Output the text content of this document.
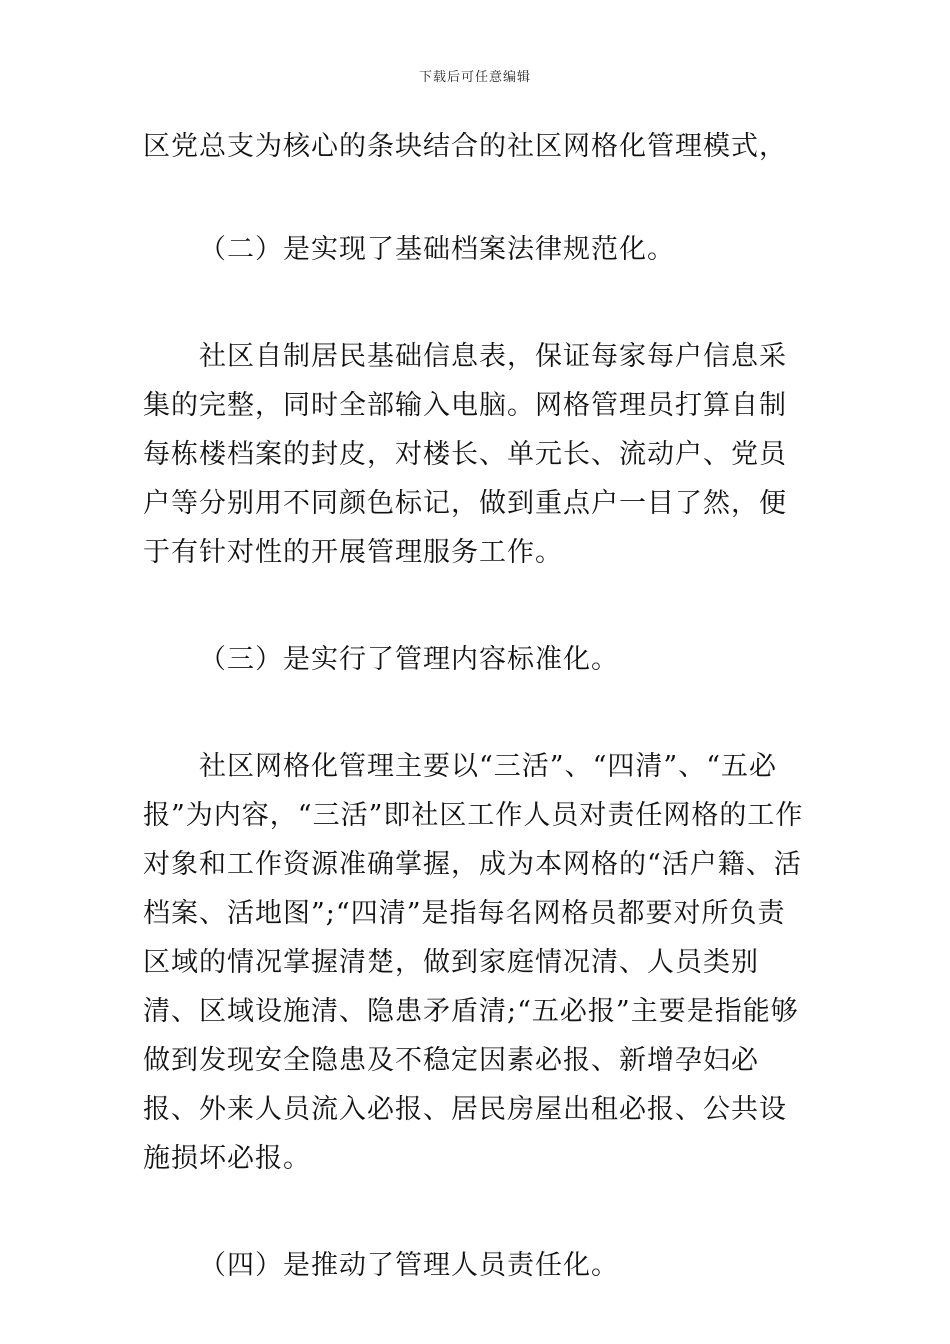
下载后可任意编辑

区党总支为核心的条块结合的社区网格化管理模式，

（二）是实现了基础档案法律规范化。

社区自制居民基础信息表，保证每家每户信息采集的完整，同时全部输入电脑。网格管理员打算自制每栋楼档案的封皮，对楼长、单元长、流动户、党员户等分别用不同颜色标记，做到重点户一目了然，便于有针对性的开展管理服务工作。

（三）是实行了管理内容标准化。

社区网格化管理主要以“三活”、“四清”、“五必报”为内容，“三活”即社区工作人员对责任网格的工作对象和工作资源准确掌握，成为本网格的“活户籍、活档案、活地图”;“四清”是指每名网格员都要对所负责区域的情况掌握清楚，做到家庭情况清、人员类别清、区域设施清、隐患矛盾清;“五必报”主要是指能够做到发现安全隐患及不稳定因素必报、新增孕妇必报、外来人员流入必报、居民房屋出租必报、公共设施损坏必报。

（四）是推动了管理人员责任化。
